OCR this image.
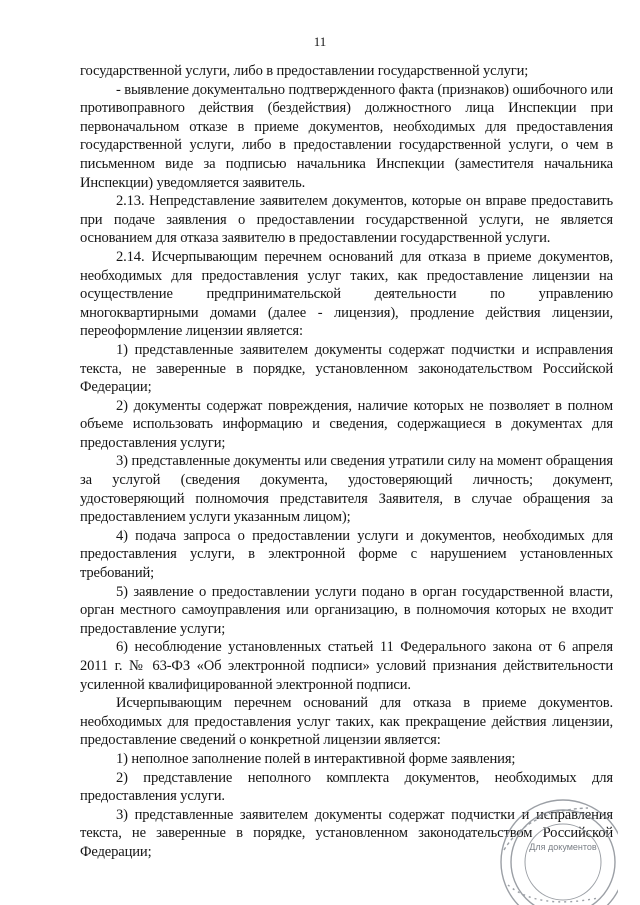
11

государственной услуги, либо в предоставлении государственной услуги;

- выявление документально подтвержденного факта (признаков) ошибочного или противоправного действия (бездействия) должностного лица Инспекции при первоначальном отказе в приеме документов, необходимых для предоставления государственной услуги, либо в предоставлении государственной услуги, о чем в письменном виде за подписью начальника Инспекции (заместителя начальника Инспекции) уведомляется заявитель.

2.13. Непредставление заявителем документов, которые он вправе предоставить при подаче заявления о предоставлении государственной услуги, не является основанием для отказа заявителю в предоставлении государственной услуги.

2.14. Исчерпывающим перечнем оснований для отказа в приеме документов, необходимых для предоставления услуг таких, как предоставление лицензии на осуществление предпринимательской деятельности по управлению многоквартирными домами (далее - лицензия), продление действия лицензии, переоформление лицензии является:

1) представленные заявителем документы содержат подчистки и исправления текста, не заверенные в порядке, установленном законодательством Российской Федерации;

2) документы содержат повреждения, наличие которых не позволяет в полном объеме использовать информацию и сведения, содержащиеся в документах для предоставления услуги;

3) представленные документы или сведения утратили силу на момент обращения за услугой (сведения документа, удостоверяющий личность; документ, удостоверяющий полномочия представителя Заявителя, в случае обращения за предоставлением услуги указанным лицом);

4) подача запроса о предоставлении услуги и документов, необходимых для предоставления услуги, в электронной форме с нарушением установленных требований;

5) заявление о предоставлении услуги подано в орган государственной власти, орган местного самоуправления или организацию, в полномочия которых не входит предоставление услуги;

6) несоблюдение установленных статьей 11 Федерального закона от 6 апреля 2011 г. № 63-ФЗ «Об электронной подписи» условий признания действительности усиленной квалифицированной электронной подписи.

Исчерпывающим перечнем оснований для отказа в приеме документов. необходимых для предоставления услуг таких, как прекращение действия лицензии, предоставление сведений о конкретной лицензии является:

1) неполное заполнение полей в интерактивной форме заявления;

2) представление неполного комплекта документов, необходимых для предоставления услуги.

3) представленные заявителем документы содержат подчистки и исправления текста, не заверенные в порядке, установленном законодательством Российской Федерации;	Для документов
